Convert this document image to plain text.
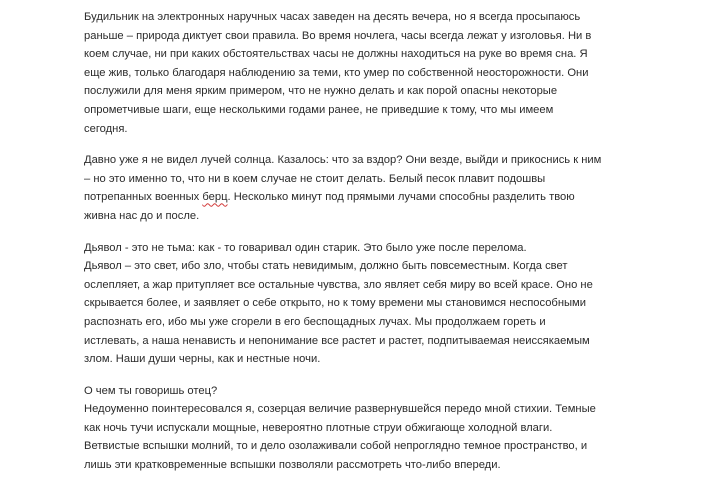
Будильник на электронных наручных часах заведен на десять вечера, но я всегда просыпаюсь
раньше – природа диктует свои правила. Во время ночлега, часы всегда лежат у изголовья. Ни в
коем случае, ни при каких обстоятельствах часы не должны находиться на руке во время сна. Я
еще жив, только благодаря наблюдению за теми, кто умер по собственной неосторожности. Они
послужили для меня ярким примером, что не нужно делать и как порой опасны некоторые
опрометчивые шаги, еще несколькими годами ранее, не приведшие к тому, что мы имеем
сегодня.

Давно уже я не видел лучей солнца. Казалось: что за вздор? Они везде, выйди и прикоснись к ним
– но это именно то, что ни в коем случае не стоит делать. Белый песок плавит подошвы
потрепанных военных берц. Несколько минут под прямыми лучами способны разделить твою
живна нас до и после.

Дьявол - это не тьма: как - то говаривал один старик. Это было уже после перелома.
Дьявол – это свет, ибо зло, чтобы стать невидимым, должно быть повсеместным. Когда свет
ослепляет, а жар притупляет все остальные чувства, зло являет себя миру во всей красе. Оно не
скрывается более, и заявляет о себе открыто, но к тому времени мы становимся неспособными
распознать его, ибо мы уже сгорели в его беспощадных лучах. Мы продолжаем гореть и
истлевать, а наша ненависть и непонимание все растет и растет, подпитываемая неиссякаемым
злом. Наши души черны, как и нестные ночи.

О чем ты говоришь отец?
Недоуменно поинтересовался я, созерцая величие развернувшейся передо мной стихии. Темные
как ночь тучи испускали мощные, невероятно плотные струи обжигающе холодной влаги.
Ветвистые вспышки молний, то и дело озолаживали собой непроглядно темное пространство, и
лишь эти кратковременные вспышки позволяли рассмотреть что-либо впереди.
